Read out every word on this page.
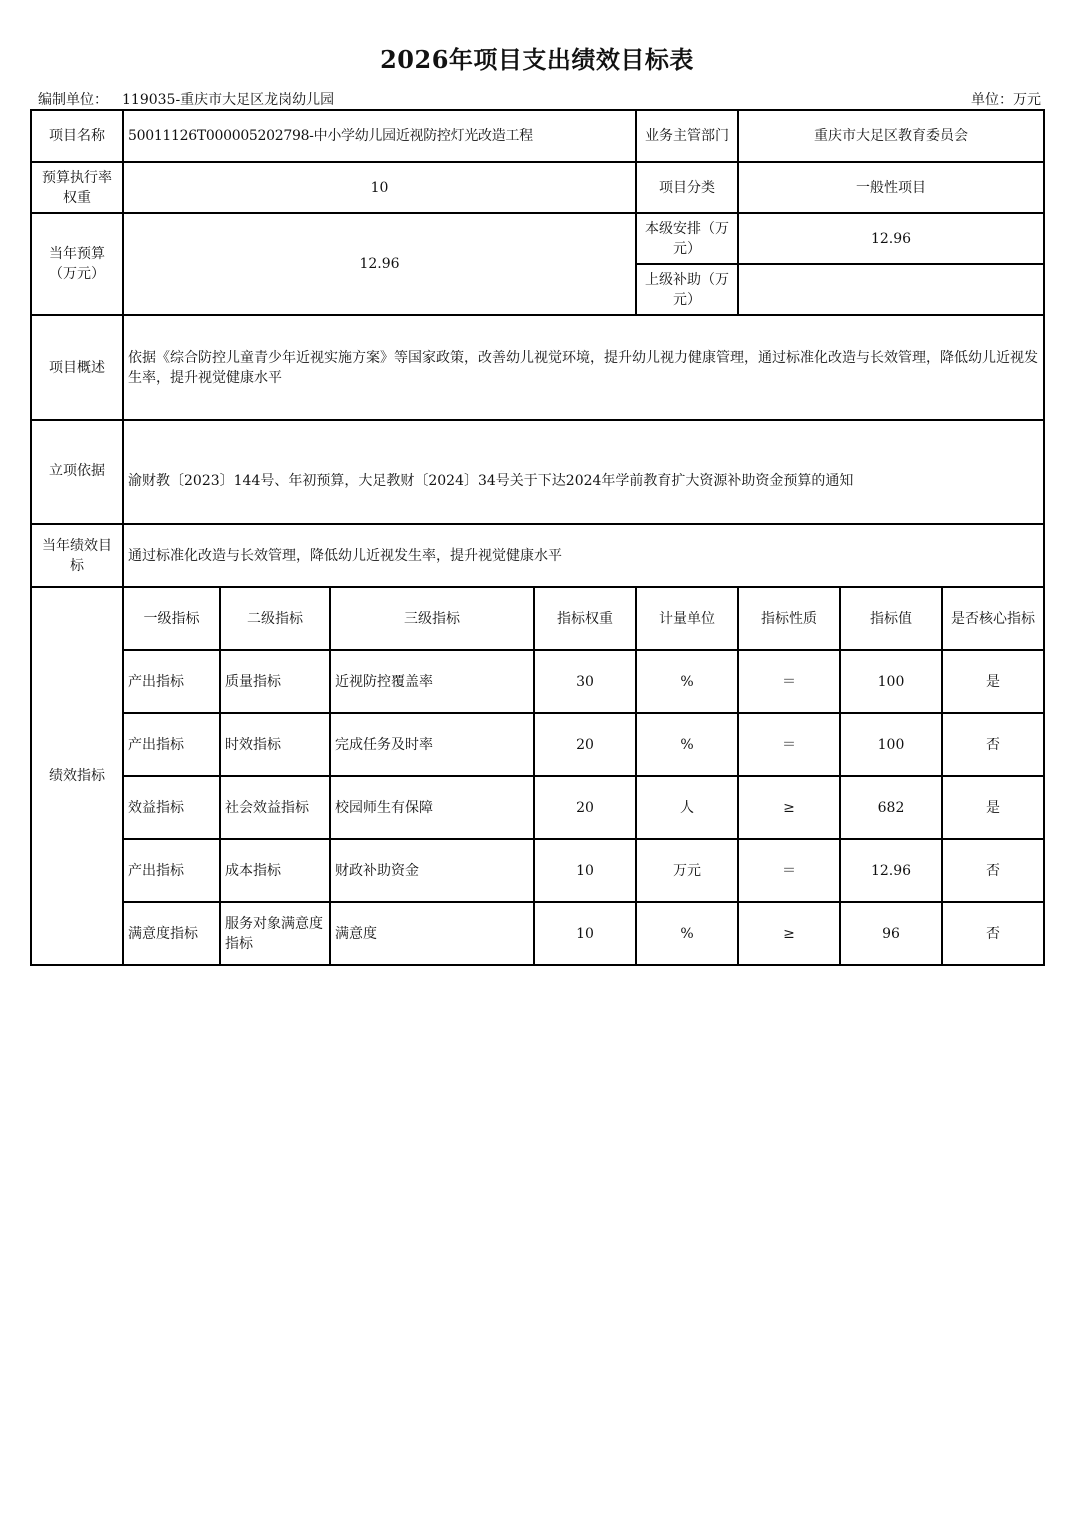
2026年项目支出绩效目标表
编制单位： 119035-重庆市大足区龙岗幼儿园	单位：万元
项目名称	50011126T000005202798-中小学幼儿园近视防控灯光改造工程				业务主管部门	重庆市大足区教育委员会		
预算执行率权重	10				项目分类	一般性项目		
当年预算（万元）	12.96				本级安排（万元）	12.96		
					上级补助（万元）			
项目概述	依据《综合防控儿童青少年近视实施方案》等国家政策，改善幼儿视觉环境，提升幼儿视力健康管理，通过标准化改造与长效管理，降低幼儿近视发生率，提升视觉健康水平							
立项依据	渝财教〔2023〕144号、年初预算，大足教财〔2024〕34号关于下达2024年学前教育扩大资源补助资金预算的通知							
当年绩效目标	通过标准化改造与长效管理，降低幼儿近视发生率，提升视觉健康水平							
绩效指标	一级指标	二级指标	三级指标	指标权重	计量单位	指标性质	指标值	是否核心指标
	产出指标	质量指标	近视防控覆盖率	30	%	＝	100	是
	产出指标	时效指标	完成任务及时率	20	%	＝	100	否
	效益指标	社会效益指标	校园师生有保障	20	人	≥	682	是
	产出指标	成本指标	财政补助资金	10	万元	＝	12.96	否
	满意度指标	服务对象满意度指标	满意度	10	%	≥	96	否
